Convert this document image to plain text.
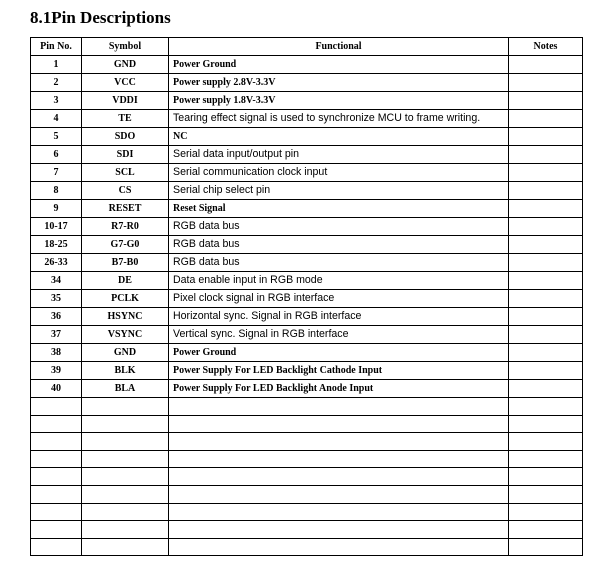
8.1Pin Descriptions
Pin No.	Symbol	Functional	Notes
1	GND	Power Ground	
2	VCC	Power supply 2.8V-3.3V	
3	VDDI	Power supply 1.8V-3.3V	
4	TE	Tearing effect signal is used to synchronize MCU to frame writing.	
5	SDO	NC	
6	SDI	Serial data input/output pin	
7	SCL	Serial communication clock input	
8	CS	Serial chip select pin	
9	RESET	Reset Signal	
10-17	R7-R0	RGB data bus	
18-25	G7-G0	RGB data bus	
26-33	B7-B0	RGB data bus	
34	DE	Data enable input in RGB mode	
35	PCLK	Pixel clock signal in RGB interface	
36	HSYNC	Horizontal sync. Signal in RGB interface	
37	VSYNC	Vertical sync. Signal in RGB interface	
38	GND	Power Ground	
39	BLK	Power Supply For LED Backlight Cathode Input	
40	BLA	Power Supply For LED Backlight Anode Input	
